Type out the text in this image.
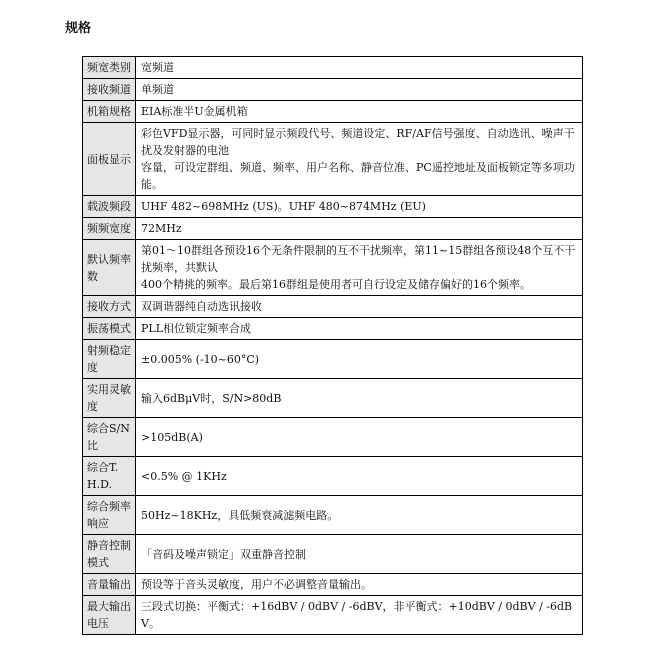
规格
频宽类别	宽频道

接收频道	单频道

机箱规格	EIA标准半U金属机箱

面板显示	彩色VFD显示器，可同时显示频段代号、频道设定、RF/AF信号强度、自动选讯、噪声干扰及发射器的电池
容量，可设定群组、频道、频率、用户名称、静音位准、PC遥控地址及面板锁定等多项功能。

载波频段	UHF 482~698MHz (US)。UHF 480~874MHz (EU)

频频宽度	72MHz

默认频率数	第01～10群组各预设16个无条件限制的互不干扰频率，第11~15群组各预设48个互不干扰频率，共默认
400个精挑的频率。最后第16群组是使用者可自行设定及储存偏好的16个频率。

接收方式	双调谐器纯自动选讯接收

振荡模式	PLL相位锁定频率合成

射频稳定度	±0.005% (-10~60°C)

实用灵敏度	输入6dBμV时，S/N>80dB

综合S/N比	>105dB(A)

综合T.H.D.	<0.5% @ 1KHz

综合频率响应	50Hz~18KHz，具低频衰减滤频电路。

静音控制模式	「音码及噪声锁定」双重静音控制

音量输出	预设等于音头灵敏度，用户不必调整音量输出。

最大输出电压	三段式切换：平衡式：+16dBV / 0dBV / -6dBV，非平衡式：+10dBV / 0dBV / -6dBV。
